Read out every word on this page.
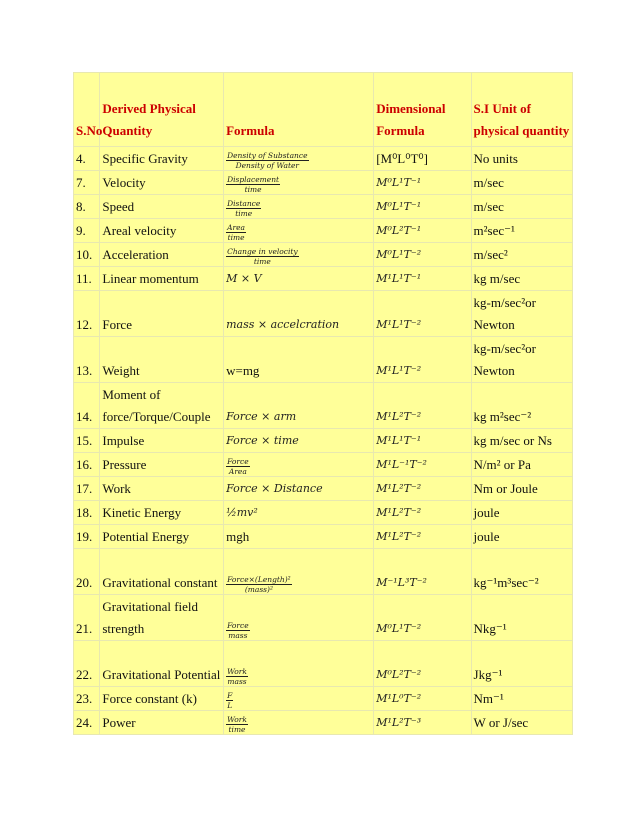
S.No	Derived Physical Quantity	Formula	Dimensional Formula	S.I Unit of physical quantity
4.	Specific Gravity	$\frac{\text{Density of Substance}}{\text{Density of Water}}$	[M⁰L⁰T⁰]	No units
7.	Velocity	$\frac{\text{Displacement}}{\text{time}}$	M⁰L¹T⁻¹	m/sec
8.	Speed	$\frac{\text{Distance}}{\text{time}}$	M⁰L¹T⁻¹	m/sec
9.	Areal velocity	$\frac{\text{Area}}{\text{time}}$	M⁰L²T⁻¹	m²sec⁻¹
10.	Acceleration	$\frac{\text{Change in velocity}}{\text{time}}$	M⁰L¹T⁻²	m/sec²
11.	Linear momentum	M × V	M¹L¹T⁻¹	kg m/sec
12.	Force	mass × accelcration	M¹L¹T⁻²	kg-m/sec²or Newton
13.	Weight	w=mg	M¹L¹T⁻²	kg-m/sec²or Newton
14.	Moment of force/Torque/Couple	Force × arm	M¹L²T⁻²	kg m²sec⁻²
15.	Impulse	Force × time	M¹L¹T⁻¹	kg m/sec or Ns
16.	Pressure	$\frac{\text{Force}}{\text{Area}}$	M¹L⁻¹T⁻²	N/m² or Pa
17.	Work	Force × Distance	M¹L²T⁻²	Nm or Joule
18.	Kinetic Energy	½mv²	M¹L²T⁻²	joule
19.	Potential Energy	mgh	M¹L²T⁻²	joule
20.	Gravitational constant	$\frac{\text{Force×(Length)²}}{\text{(mass)²}}$	M⁻¹L³T⁻²	kg⁻¹m³sec⁻²
21.	Gravitational field strength	$\frac{\text{Force}}{\text{mass}}$	M⁰L¹T⁻²	Nkg⁻¹
22.	Gravitational Potential	$\frac{\text{Work}}{\text{mass}}$	M⁰L²T⁻²	Jkg⁻¹
23.	Force constant (k)	$\frac{F}{L}$	M¹L⁰T⁻²	Nm⁻¹
24.	Power	$\frac{\text{Work}}{\text{time}}$	M¹L²T⁻³	W or J/sec
